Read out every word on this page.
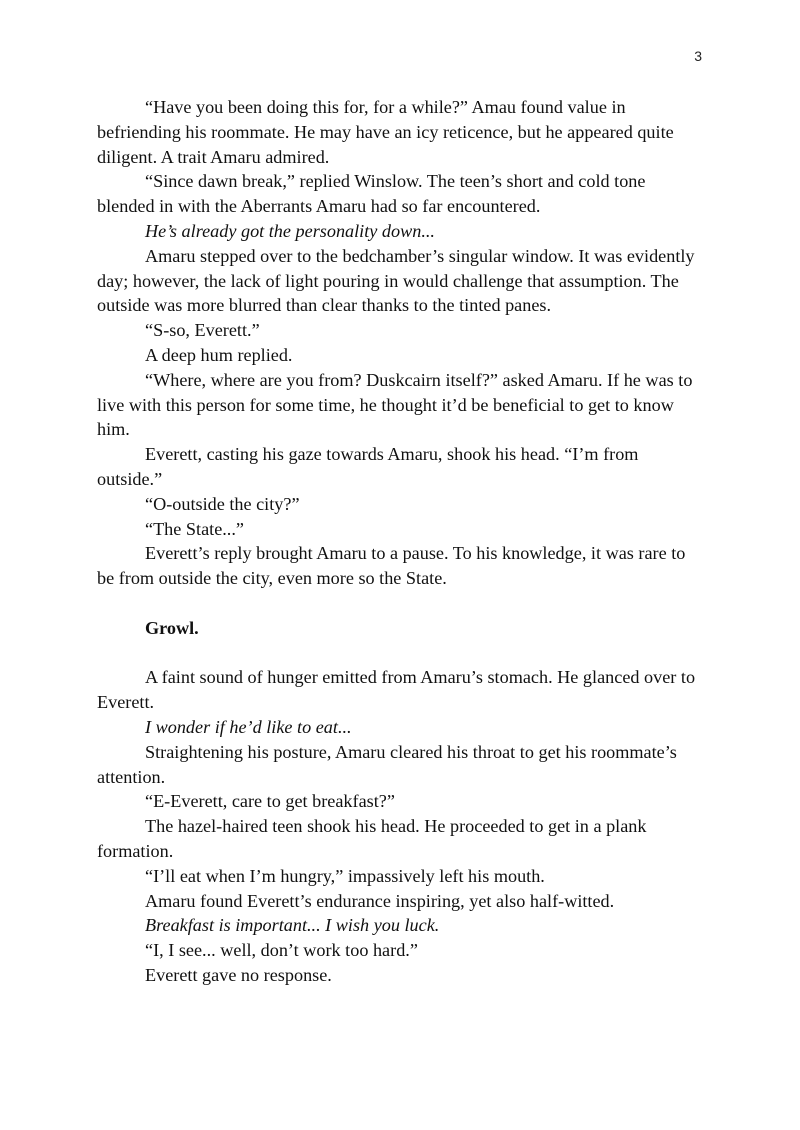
3

“Have you been doing this for, for a while?” Amau found value in befriending his roommate. He may have an icy reticence, but he appeared quite diligent. A trait Amaru admired.

“Since dawn break,” replied Winslow. The teen’s short and cold tone blended in with the Aberrants Amaru had so far encountered.

He’s already got the personality down...

Amaru stepped over to the bedchamber’s singular window. It was evidently day; however, the lack of light pouring in would challenge that assumption. The outside was more blurred than clear thanks to the tinted panes.

“S-so, Everett.”

A deep hum replied.

“Where, where are you from? Duskcairn itself?” asked Amaru. If he was to live with this person for some time, he thought it’d be beneficial to get to know him.

Everett, casting his gaze towards Amaru, shook his head. “I’m from outside.”

“O-outside the city?”

“The State...”

Everett’s reply brought Amaru to a pause. To his knowledge, it was rare to be from outside the city, even more so the State.

Growl.

A faint sound of hunger emitted from Amaru’s stomach. He glanced over to Everett.

I wonder if he’d like to eat...

Straightening his posture, Amaru cleared his throat to get his roommate’s attention.

“E-Everett, care to get breakfast?”

The hazel-haired teen shook his head. He proceeded to get in a plank formation.

“I’ll eat when I’m hungry,” impassively left his mouth.

Amaru found Everett’s endurance inspiring, yet also half-witted.

Breakfast is important... I wish you luck.

“I, I see... well, don’t work too hard.”

Everett gave no response.
